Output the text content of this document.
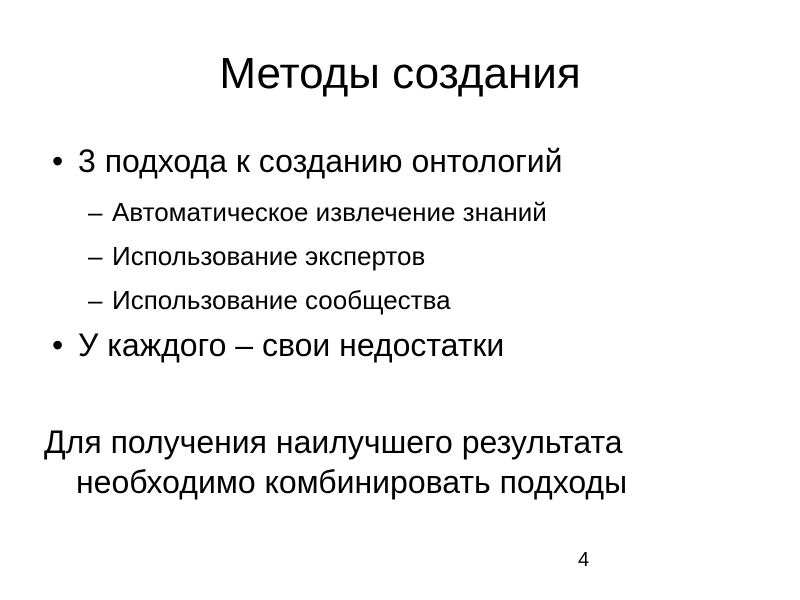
Методы создания
• 3 подхода к созданию онтологий
– Автоматическое извлечение знаний
– Использование экспертов
– Использование сообщества
• У каждого – свои недостатки
Для получения наилучшего результата
необходимо комбинировать подходы
4
